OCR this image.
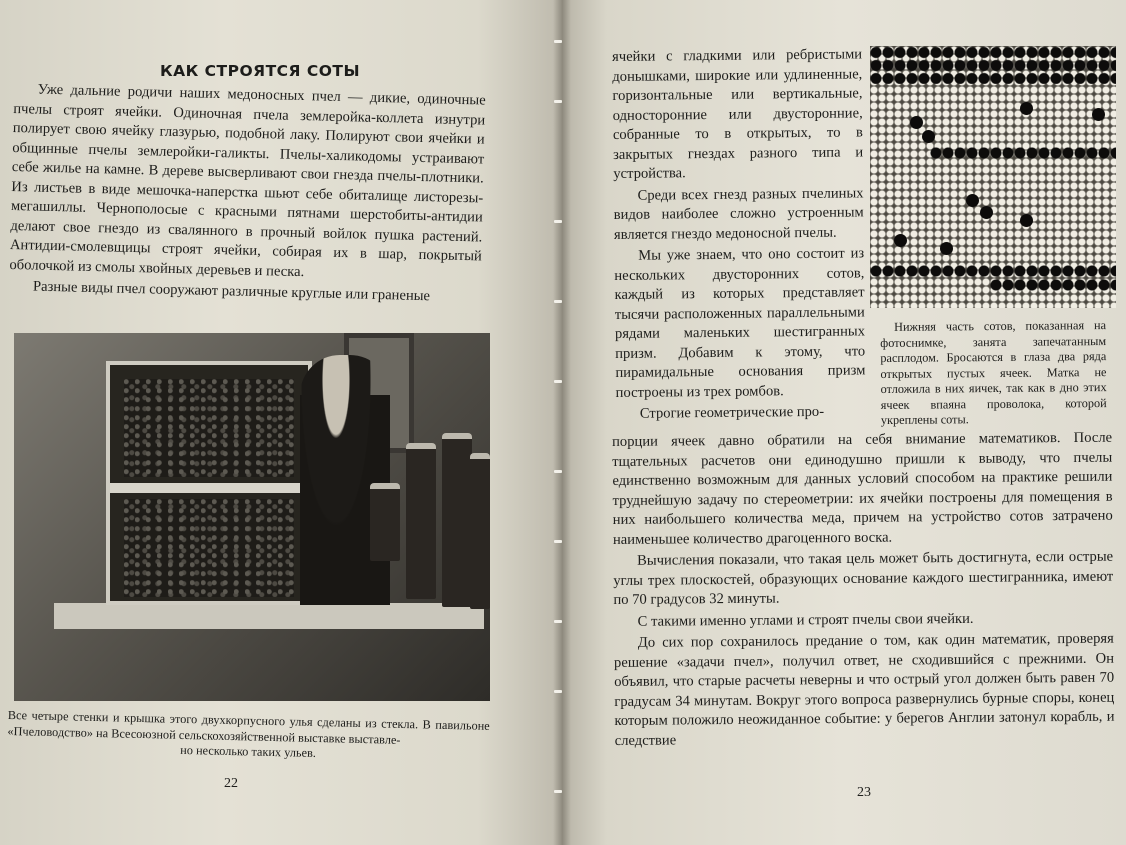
КАК СТРОЯТСЯ СОТЫ

Уже дальние родичи наших медоносных пчел — дикие, одиночные пчелы строят ячейки. Одиночная пчела землеройка-коллета изнутри полирует свою ячейку глазурью, подобной лаку. Полируют свои ячейки и общинные пчелы землеройки-галикты. Пчелы-халикодомы устраивают себе жилье на камне. В дереве высверливают свои гнезда пчелы-плотники. Из листьев в виде мешочка-наперстка шьют себе обиталище листорезы-мегашиллы. Чернополосые с красными пятнами шерстобиты-антидии делают свое гнездо из свалянного в прочный войлок пушка растений. Антидии-смолевщицы строят ячейки, собирая их в шар, покрытый оболочкой из смолы хвойных деревьев и песка.

Разные виды пчел сооружают различные круглые или граненые

Все четыре стенки и крышка этого двухкорпусного улья сделаны из стекла. В павильоне «Пчеловодство» на Всесоюзной сельскохозяйственной выставке выставле-
но несколько таких ульев.
22

ячейки с гладкими или ребристыми донышками, широкие или удлиненные, горизонтальные или вертикальные, односторонние или двусторонние, собранные то в открытых, то в закрытых гнездах разного типа и устройства.

Среди всех гнезд разных пчелиных видов наиболее сложно устроенным является гнездо медоносной пчелы.

Мы уже знаем, что оно состоит из нескольких двусторонних сотов, каждый из которых представляет тысячи расположенных параллельными рядами маленьких шестигранных призм. Добавим к этому, что пирамидальные основания призм построены из трех ромбов.

Строгие геометрические про-

Нижняя часть сотов, показанная на фотоснимке, занята запечатанным расплодом. Бросаются в глаза два ряда открытых пустых ячеек. Матка не отложила в них яичек, так как в дно этих ячеек впаяна проволока, которой укреплены соты.

порции ячеек давно обратили на себя внимание математиков. После тщательных расчетов они единодушно пришли к выводу, что пчелы единственно возможным для данных условий способом на практике решили труднейшую задачу по стереометрии: их ячейки построены для помещения в них наибольшего количества меда, причем на устройство сотов затрачено наименьшее количество драгоценного воска.

Вычисления показали, что такая цель может быть достигнута, если острые углы трех плоскостей, образующих основание каждого шестигранника, имеют по 70 градусов 32 минуты.

С такими именно углами и строят пчелы свои ячейки.

До сих пор сохранилось предание о том, как один математик, проверяя решение «задачи пчел», получил ответ, не сходившийся с прежними. Он объявил, что старые расчеты неверны и что острый угол должен быть равен 70 градусам 34 минутам. Вокруг этого вопроса развернулись бурные споры, конец которым положило неожиданное событие: у берегов Англии затонул корабль, и следствие

23
